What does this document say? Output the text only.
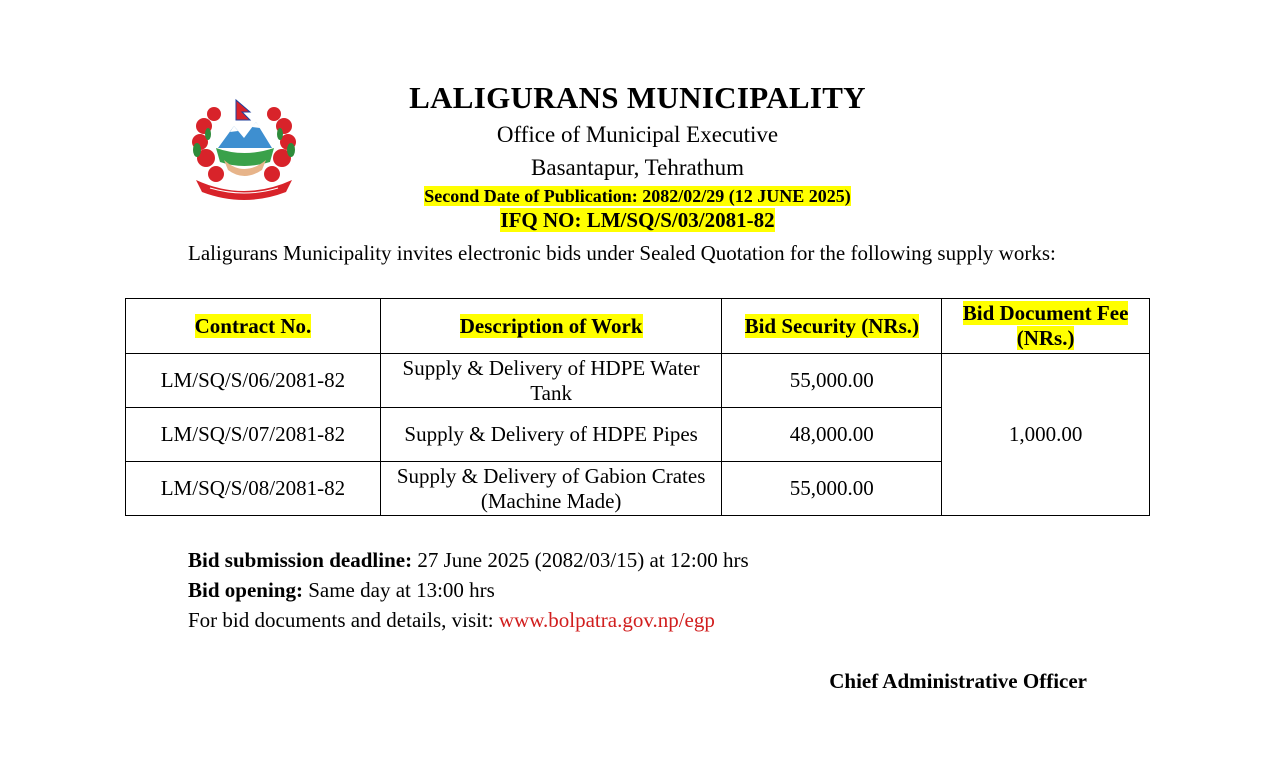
LALIGURANS MUNICIPALITY
Office of Municipal Executive
Basantapur, Tehrathum
Second Date of Publication: 2082/02/29 (12 JUNE 2025)
IFQ NO: LM/SQ/S/03/2081-82
Laligurans Municipality invites electronic bids under Sealed Quotation for the following supply works:
Contract No.	Description of Work	Bid Security (NRs.)	Bid Document Fee (NRs.)
LM/SQ/S/06/2081-82	Supply & Delivery of HDPE Water Tank	55,000.00	1,000.00
LM/SQ/S/07/2081-82	Supply & Delivery of HDPE Pipes	48,000.00	
LM/SQ/S/08/2081-82	Supply & Delivery of Gabion Crates (Machine Made)	55,000.00	
Bid submission deadline: 27 June 2025 (2082/03/15) at 12:00 hrs
Bid opening: Same day at 13:00 hrs
For bid documents and details, visit: www.bolpatra.gov.np/egp
Chief Administrative Officer
